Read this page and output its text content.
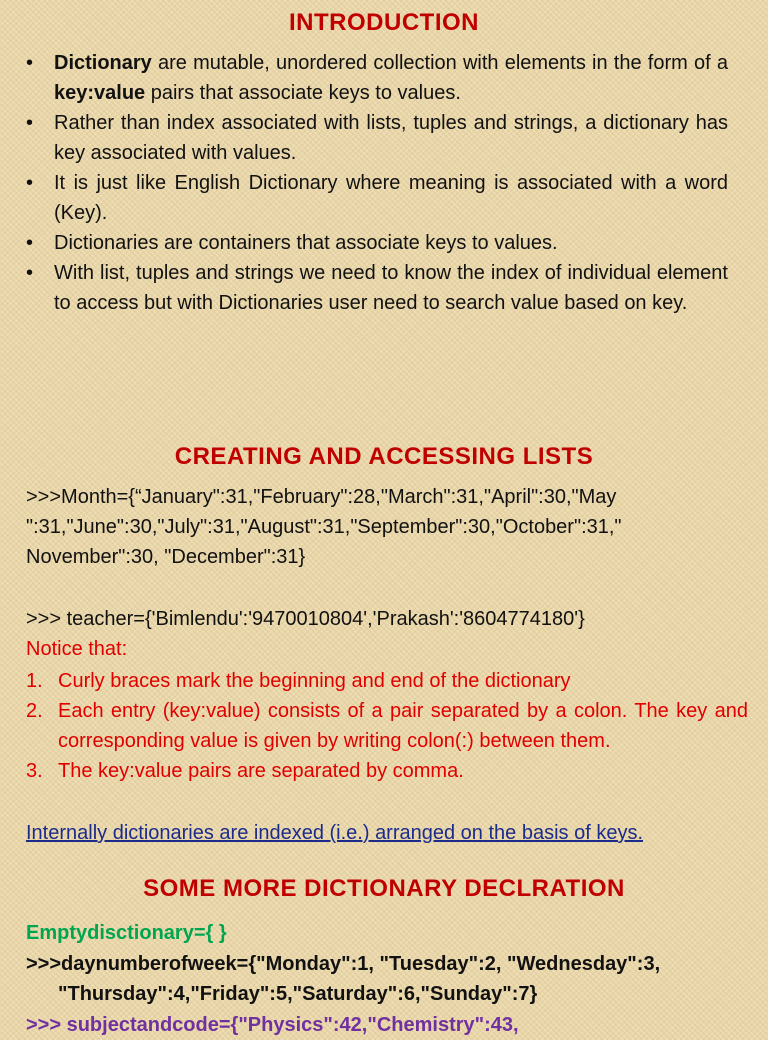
INTRODUCTION
• Dictionary are mutable, unordered collection with elements in the form of a key:value pairs that associate keys to values.
• Rather than index associated with lists, tuples and strings, a dictionary has key associated with values.
• It is just like English Dictionary where meaning is associated with a word (Key).
• Dictionaries are containers that associate keys to values.
• With list, tuples and strings we need to know the index of individual element to access but with Dictionaries user need to search value based on key.
CREATING AND ACCESSING LISTS
>>>Month={“January":31,"February":28,"March":31,"April":30,"May
":31,"June":30,"July":31,"August":31,"September":30,"October":31,"
November":30, "December":31}
>>> teacher={'Bimlendu':'9470010804','Prakash':'8604774180'}
Notice that:
1. Curly braces mark the beginning and end of the dictionary
2. Each entry (key:value) consists of a pair separated by a colon. The key and corresponding value is given by writing colon(:) between them.
3. The key:value pairs are separated by comma.
Internally dictionaries are indexed (i.e.) arranged on the basis of keys.
SOME MORE DICTIONARY DECLRATION
Emptydisctionary={ }
>>>daynumberofweek={"Monday":1, "Tuesday":2, "Wednesday":3,
"Thursday":4,"Friday":5,"Saturday":6,"Sunday":7}
>>> subjectandcode={"Physics":42,"Chemistry":43,
